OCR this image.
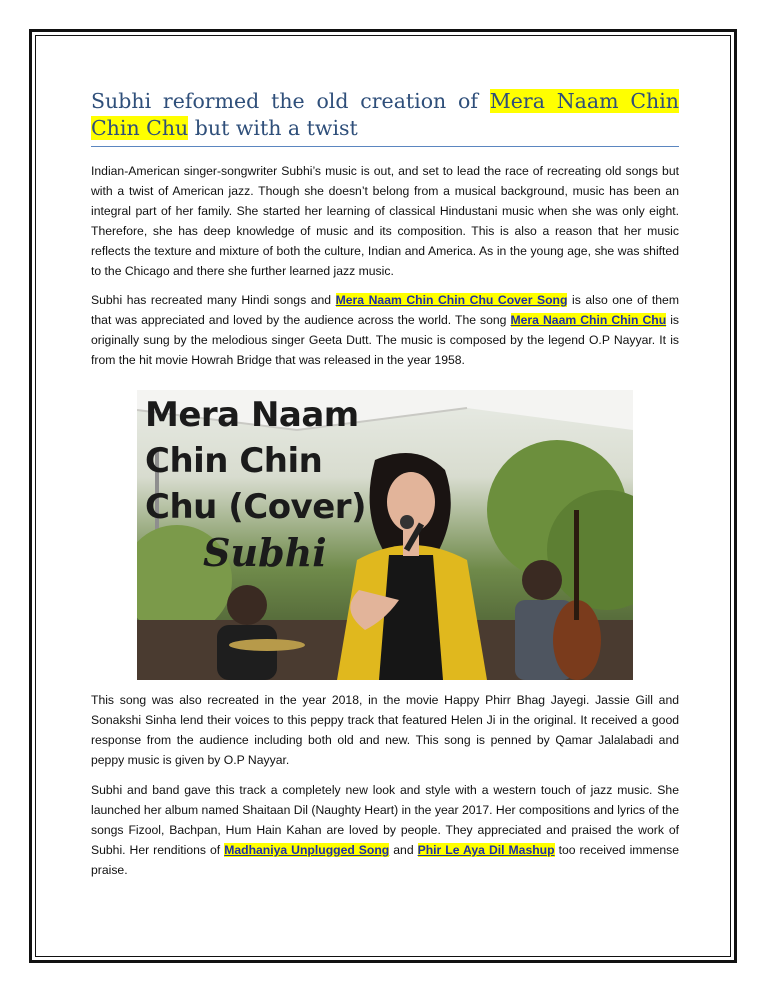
Subhi reformed the old creation of Mera Naam Chin Chin Chu but with a twist

Indian-American singer-songwriter Subhi’s music is out, and set to lead the race of recreating old songs but with a twist of American jazz. Though she doesn’t belong from a musical background, music has been an integral part of her family. She started her learning of classical Hindustani music when she was only eight. Therefore, she has deep knowledge of music and its composition. This is also a reason that her music reflects the texture and mixture of both the culture, Indian and America. As in the young age, she was shifted to the Chicago and there she further learned jazz music.

Subhi has recreated many Hindi songs and Mera Naam Chin Chin Chu Cover Song is also one of them that was appreciated and loved by the audience across the world. The song Mera Naam Chin Chin Chu is originally sung by the melodious singer Geeta Dutt. The music is composed by the legend O.P Nayyar. It is from the hit movie Howrah Bridge that was released in the year 1958.

Mera Naam
Chin Chin
Chu (Cover)
Subhi

This song was also recreated in the year 2018, in the movie Happy Phirr Bhag Jayegi. Jassie Gill and Sonakshi Sinha lend their voices to this peppy track that featured Helen Ji in the original. It received a good response from the audience including both old and new. This song is penned by Qamar Jalalabadi and peppy music is given by O.P Nayyar.

Subhi and band gave this track a completely new look and style with a western touch of jazz music. She launched her album named Shaitaan Dil (Naughty Heart) in the year 2017. Her compositions and lyrics of the songs Fizool, Bachpan, Hum Hain Kahan are loved by people. They appreciated and praised the work of Subhi. Her renditions of Madhaniya Unplugged Song and Phir Le Aya Dil Mashup too received immense praise.
